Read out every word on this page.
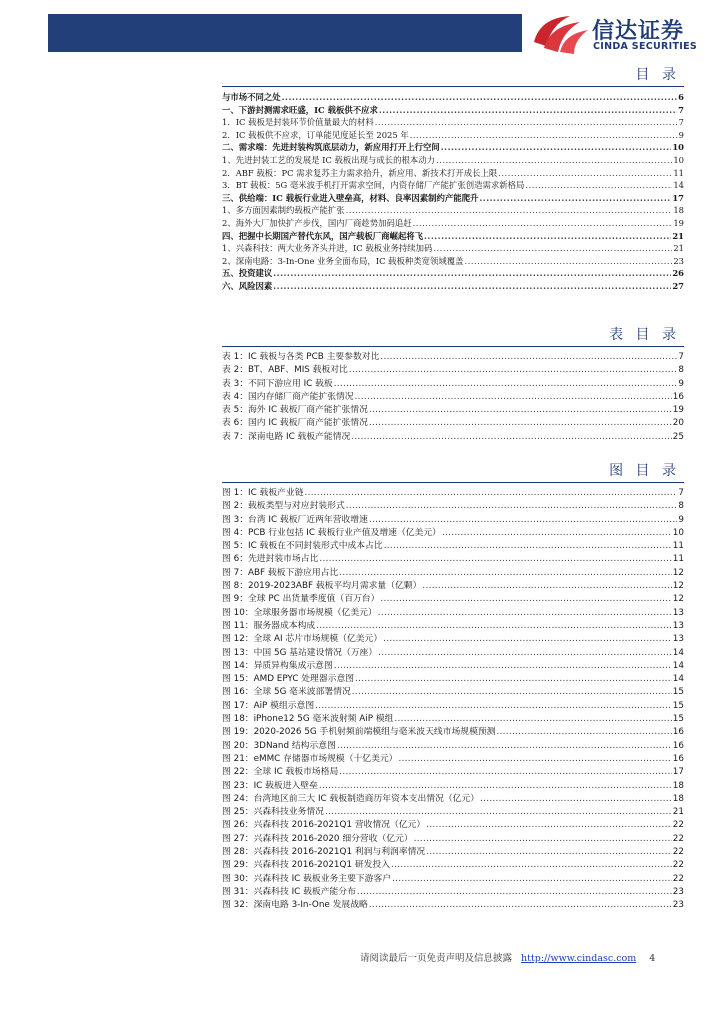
信达证券
CINDA SECURITIES
目 录
与市场不同之处 .....	6
一、下游封测需求旺盛，IC 载板供不应求 .....	7
1．IC 载板是封装环节价值量最大的材料 .....	7
2．IC 载板供不应求，订单能见度延长至 2025 年 .....	9
二、需求端：先进封装构筑底层动力，新应用打开上行空间 .....	10
1、先进封装工艺的发展是 IC 载板出现与成长的根本动力 .....	10
2．ABF 载板：PC 需求复苏主力需求拾升，新应用、新技术打开成长上限 .....	11
3．BT 载板：5G 毫米波手机打开需求空间，内资存储厂产能扩张创造需求新格局 .....	14
三、供给端：IC 载板行业进入壁垒高，材料、良率因素制约产能爬升 .....	17
1、多方面因素制约载板产能扩张 .....	18
2、海外大厂加快扩产步伐，国内厂商趁势加码追赶 .....	19
四、把握中长期国产替代东风，国产载板厂商崛起将飞 .....	21
1、兴森科技：两大业务齐头并进，IC 载板业务持续加码 .....	21
2、深南电路：3-In-One 业务全面布局，IC 载板种类宽领域覆盖 .....	23
五、投资建议 .....	26
六、风险因素 .....	27
表 目 录
表 1：IC 载板与各类 PCB 主要参数对比 .....	7
表 2：BT、ABF、MIS 载板对比 .....	8
表 3：不同下游应用 IC 载板 .....	9
表 4：国内存储厂商产能扩张情况 .....	16
表 5：海外 IC 载板厂商产能扩张情况 .....	19
表 6：国内 IC 载板厂商产能扩张情况 .....	20
表 7：深南电路 IC 载板产能情况 .....	25
图 目 录
图 1：IC 载板产业链 .....	7
图 2：载板类型与对应封装形式 .....	8
图 3：台湾 IC 载板厂近两年营收增速 .....	9
图 4：PCB 行业包括 IC 载板行业产值及增速（亿美元） .....	10
图 5：IC 载板在不同封装形式中成本占比 .....	11
图 6：先进封装市场占比 .....	11
图 7：ABF 载板下游应用占比 .....	12
图 8：2019-2023ABF 载板平均月需求量（亿颗） .....	12
图 9：全球 PC 出货量季度值（百万台） .....	12
图 10：全球服务器市场规模（亿美元） .....	13
图 11：服务器成本构成 .....	13
图 12：全球 AI 芯片市场规模（亿美元） .....	13
图 13：中国 5G 基站建设情况（万座） .....	14
图 14：异质异构集成示意图 .....	14
图 15：AMD EPYC 处理器示意图 .....	14
图 16：全球 5G 毫米波部署情况 .....	15
图 17：AiP 模组示意图 .....	15
图 18：iPhone12 5G 毫米波射频 AiP 模组 .....	15
图 19：2020-2026 5G 手机射频前端模组与毫米波天线市场规模预测 .....	16
图 20：3DNand 结构示意图 .....	16
图 21：eMMC 存储器市场规模（十亿美元） .....	16
图 22：全球 IC 载板市场格局 .....	17
图 23：IC 载板进入壁垒 .....	18
图 24：台湾地区前三大 IC 载板制造商历年资本支出情况（亿元） .....	18
图 25：兴森科技业务情况 .....	21
图 26：兴森科技 2016-2021Q1 营收情况（亿元） .....	22
图 27：兴森科技 2016-2020 细分营收（亿元） .....	22
图 28：兴森科技 2016-2021Q1 利润与利润率情况 .....	22
图 29：兴森科技 2016-2021Q1 研发投入 .....	22
图 30：兴森科技 IC 载板业务主要下游客户 .....	22
图 31：兴森科技 IC 载板产能分布 .....	23
图 32：深南电路 3-In-One 发展战略 .....	23
请阅读最后一页免责声明及信息披露 http://www.cindasc.com 4
